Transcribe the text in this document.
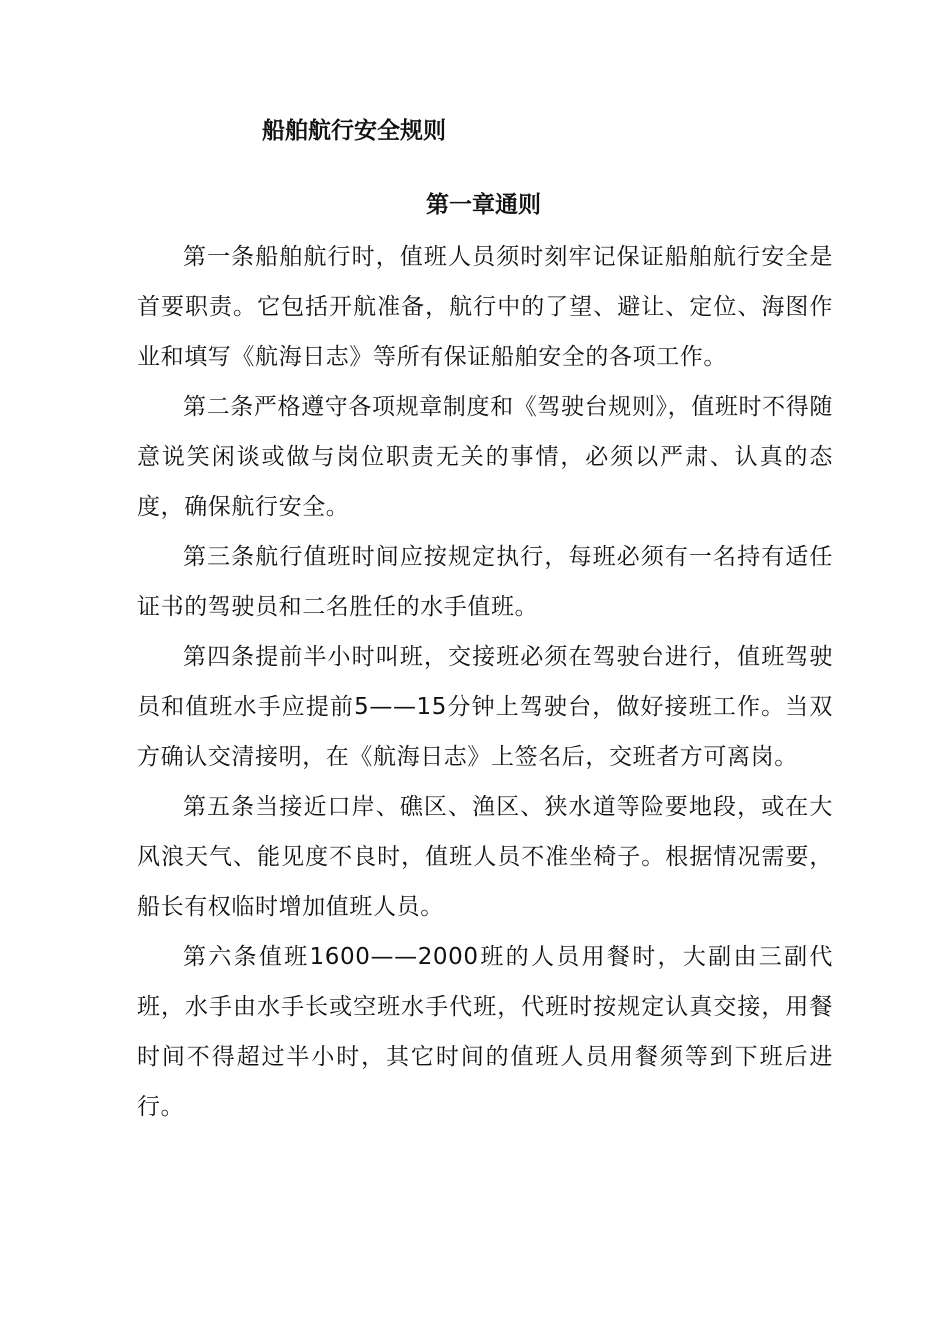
船舶航行安全规则
第一章通则

第一条船舶航行时，值班人员须时刻牢记保证船舶航行安全是首要职责。它包括开航准备，航行中的了望、避让、定位、海图作业和填写《航海日志》等所有保证船舶安全的各项工作。

第二条严格遵守各项规章制度和《驾驶台规则》，值班时不得随意说笑闲谈或做与岗位职责无关的事情，必须以严肃、认真的态度，确保航行安全。

第三条航行值班时间应按规定执行，每班必须有一名持有适任证书的驾驶员和二名胜任的水手值班。

第四条提前半小时叫班，交接班必须在驾驶台进行，值班驾驶员和值班水手应提前5——15分钟上驾驶台，做好接班工作。当双方确认交清接明，在《航海日志》上签名后，交班者方可离岗。

第五条当接近口岸、礁区、渔区、狭水道等险要地段，或在大风浪天气、能见度不良时，值班人员不准坐椅子。根据情况需要，船长有权临时增加值班人员。

第六条值班1600——2000班的人员用餐时，大副由三副代班，水手由水手长或空班水手代班，代班时按规定认真交接，用餐时间不得超过半小时，其它时间的值班人员用餐须等到下班后进行。
